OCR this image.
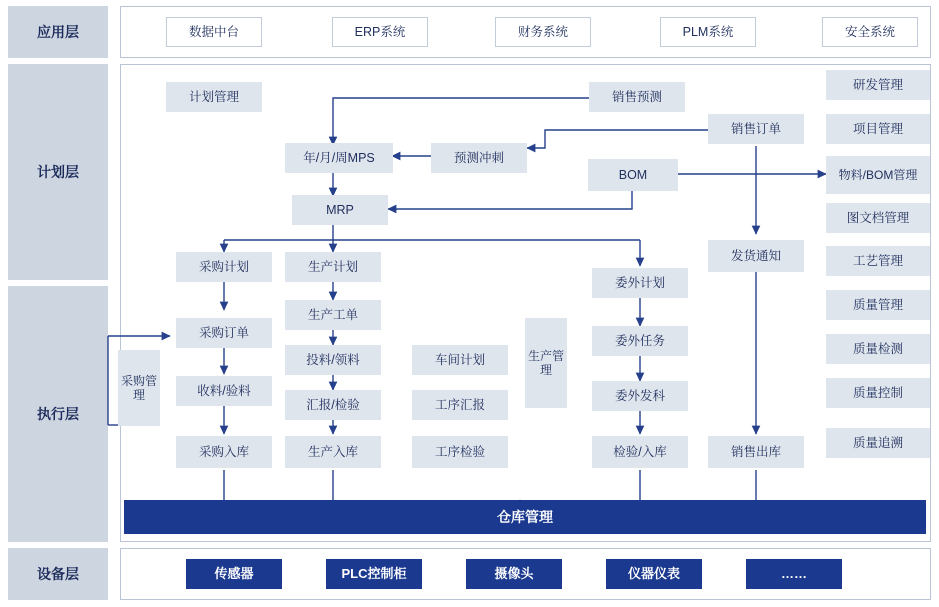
应用层
计划层
执行层
设备层
数据中台	ERP系统	财务系统	PLM系统	安全系统
研发管理
项目管理
物料/BOM管理
图文档管理
工艺管理
质量管理
质量检测
质量控制
质量追溯
计划管理	销售预测
销售订单
年/月/周MPS	预测冲刺
BOM
MRP
采购计划
采购订单
收料/验料
采购入库
生产计划
生产工单
投料/领料
汇报/检验
生产入库
车间计划
工序汇报
工序检验
委外计划
委外任务
委外发科
检验/入库
发货通知
销售出库
采购管理
生产管理
仓库管理
传感器	PLC控制柜	摄像头	仪器仪表	……
